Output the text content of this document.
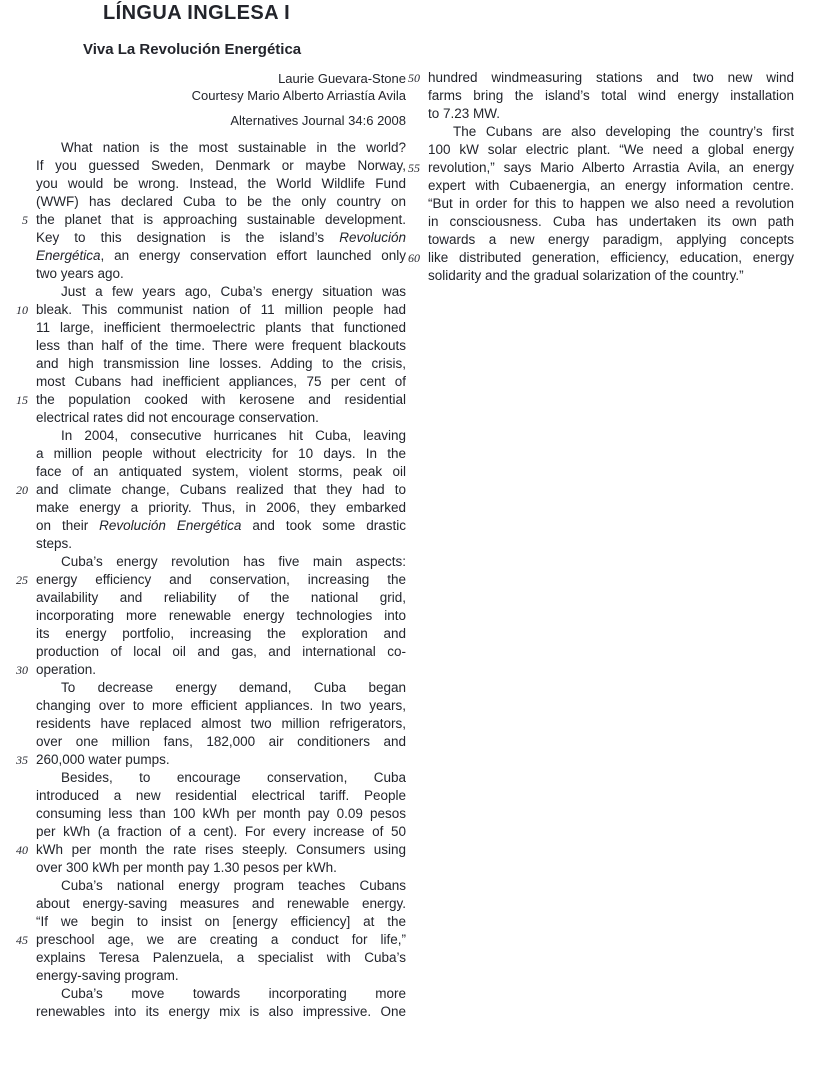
LÍNGUA INGLESA I
Viva La Revolución Energética
Laurie Guevara-Stone
Courtesy Mario Alberto Arriastía Avila
Alternatives Journal 34:6 2008
What nation is the most sustainable in the world?
If you guessed Sweden, Denmark or maybe Norway,
you would be wrong. Instead, the World Wildlife Fund
(WWF) has declared Cuba to be the only country on
5 the planet that is approaching sustainable development.
Key to this designation is the island’s Revolución
Energética, an energy conservation effort launched only
two years ago.
Just a few years ago, Cuba’s energy situation was
10 bleak. This communist nation of 11 million people had
11 large, inefficient thermoelectric plants that functioned
less than half of the time. There were frequent blackouts
and high transmission line losses. Adding to the crisis,
most Cubans had inefficient appliances, 75 per cent of
15 the population cooked with kerosene and residential
electrical rates did not encourage conservation.
In 2004, consecutive hurricanes hit Cuba, leaving
a million people without electricity for 10 days. In the
face of an antiquated system, violent storms, peak oil
20 and climate change, Cubans realized that they had to
make energy a priority. Thus, in 2006, they embarked
on their Revolución Energética and took some drastic
steps.
Cuba’s energy revolution has five main aspects:
25 energy efficiency and conservation, increasing the
availability and reliability of the national grid,
incorporating more renewable energy technologies into
its energy portfolio, increasing the exploration and
production of local oil and gas, and international co-
30 operation.
To decrease energy demand, Cuba began
changing over to more efficient appliances. In two years,
residents have replaced almost two million refrigerators,
over one million fans, 182,000 air conditioners and
35 260,000 water pumps.
Besides, to encourage conservation, Cuba
introduced a new residential electrical tariff. People
consuming less than 100 kWh per month pay 0.09 pesos
per kWh (a fraction of a cent). For every increase of 50
40 kWh per month the rate rises steeply. Consumers using
over 300 kWh per month pay 1.30 pesos per kWh.
Cuba’s national energy program teaches Cubans
about energy-saving measures and renewable energy.
“If we begin to insist on [energy efficiency] at the
45 preschool age, we are creating a conduct for life,”
explains Teresa Palenzuela, a specialist with Cuba’s
energy-saving program.
Cuba’s move towards incorporating more
renewables into its energy mix is also impressive. One
50 hundred windmeasuring stations and two new wind
farms bring the island’s total wind energy installation
to 7.23 MW.
The Cubans are also developing the country’s first
100 kW solar electric plant. “We need a global energy
55 revolution,” says Mario Alberto Arrastia Avila, an energy
expert with Cubaenergia, an energy information centre.
“But in order for this to happen we also need a revolution
in consciousness. Cuba has undertaken its own path
towards a new energy paradigm, applying concepts
60 like distributed generation, efficiency, education, energy
solidarity and the gradual solarization of the country.”
